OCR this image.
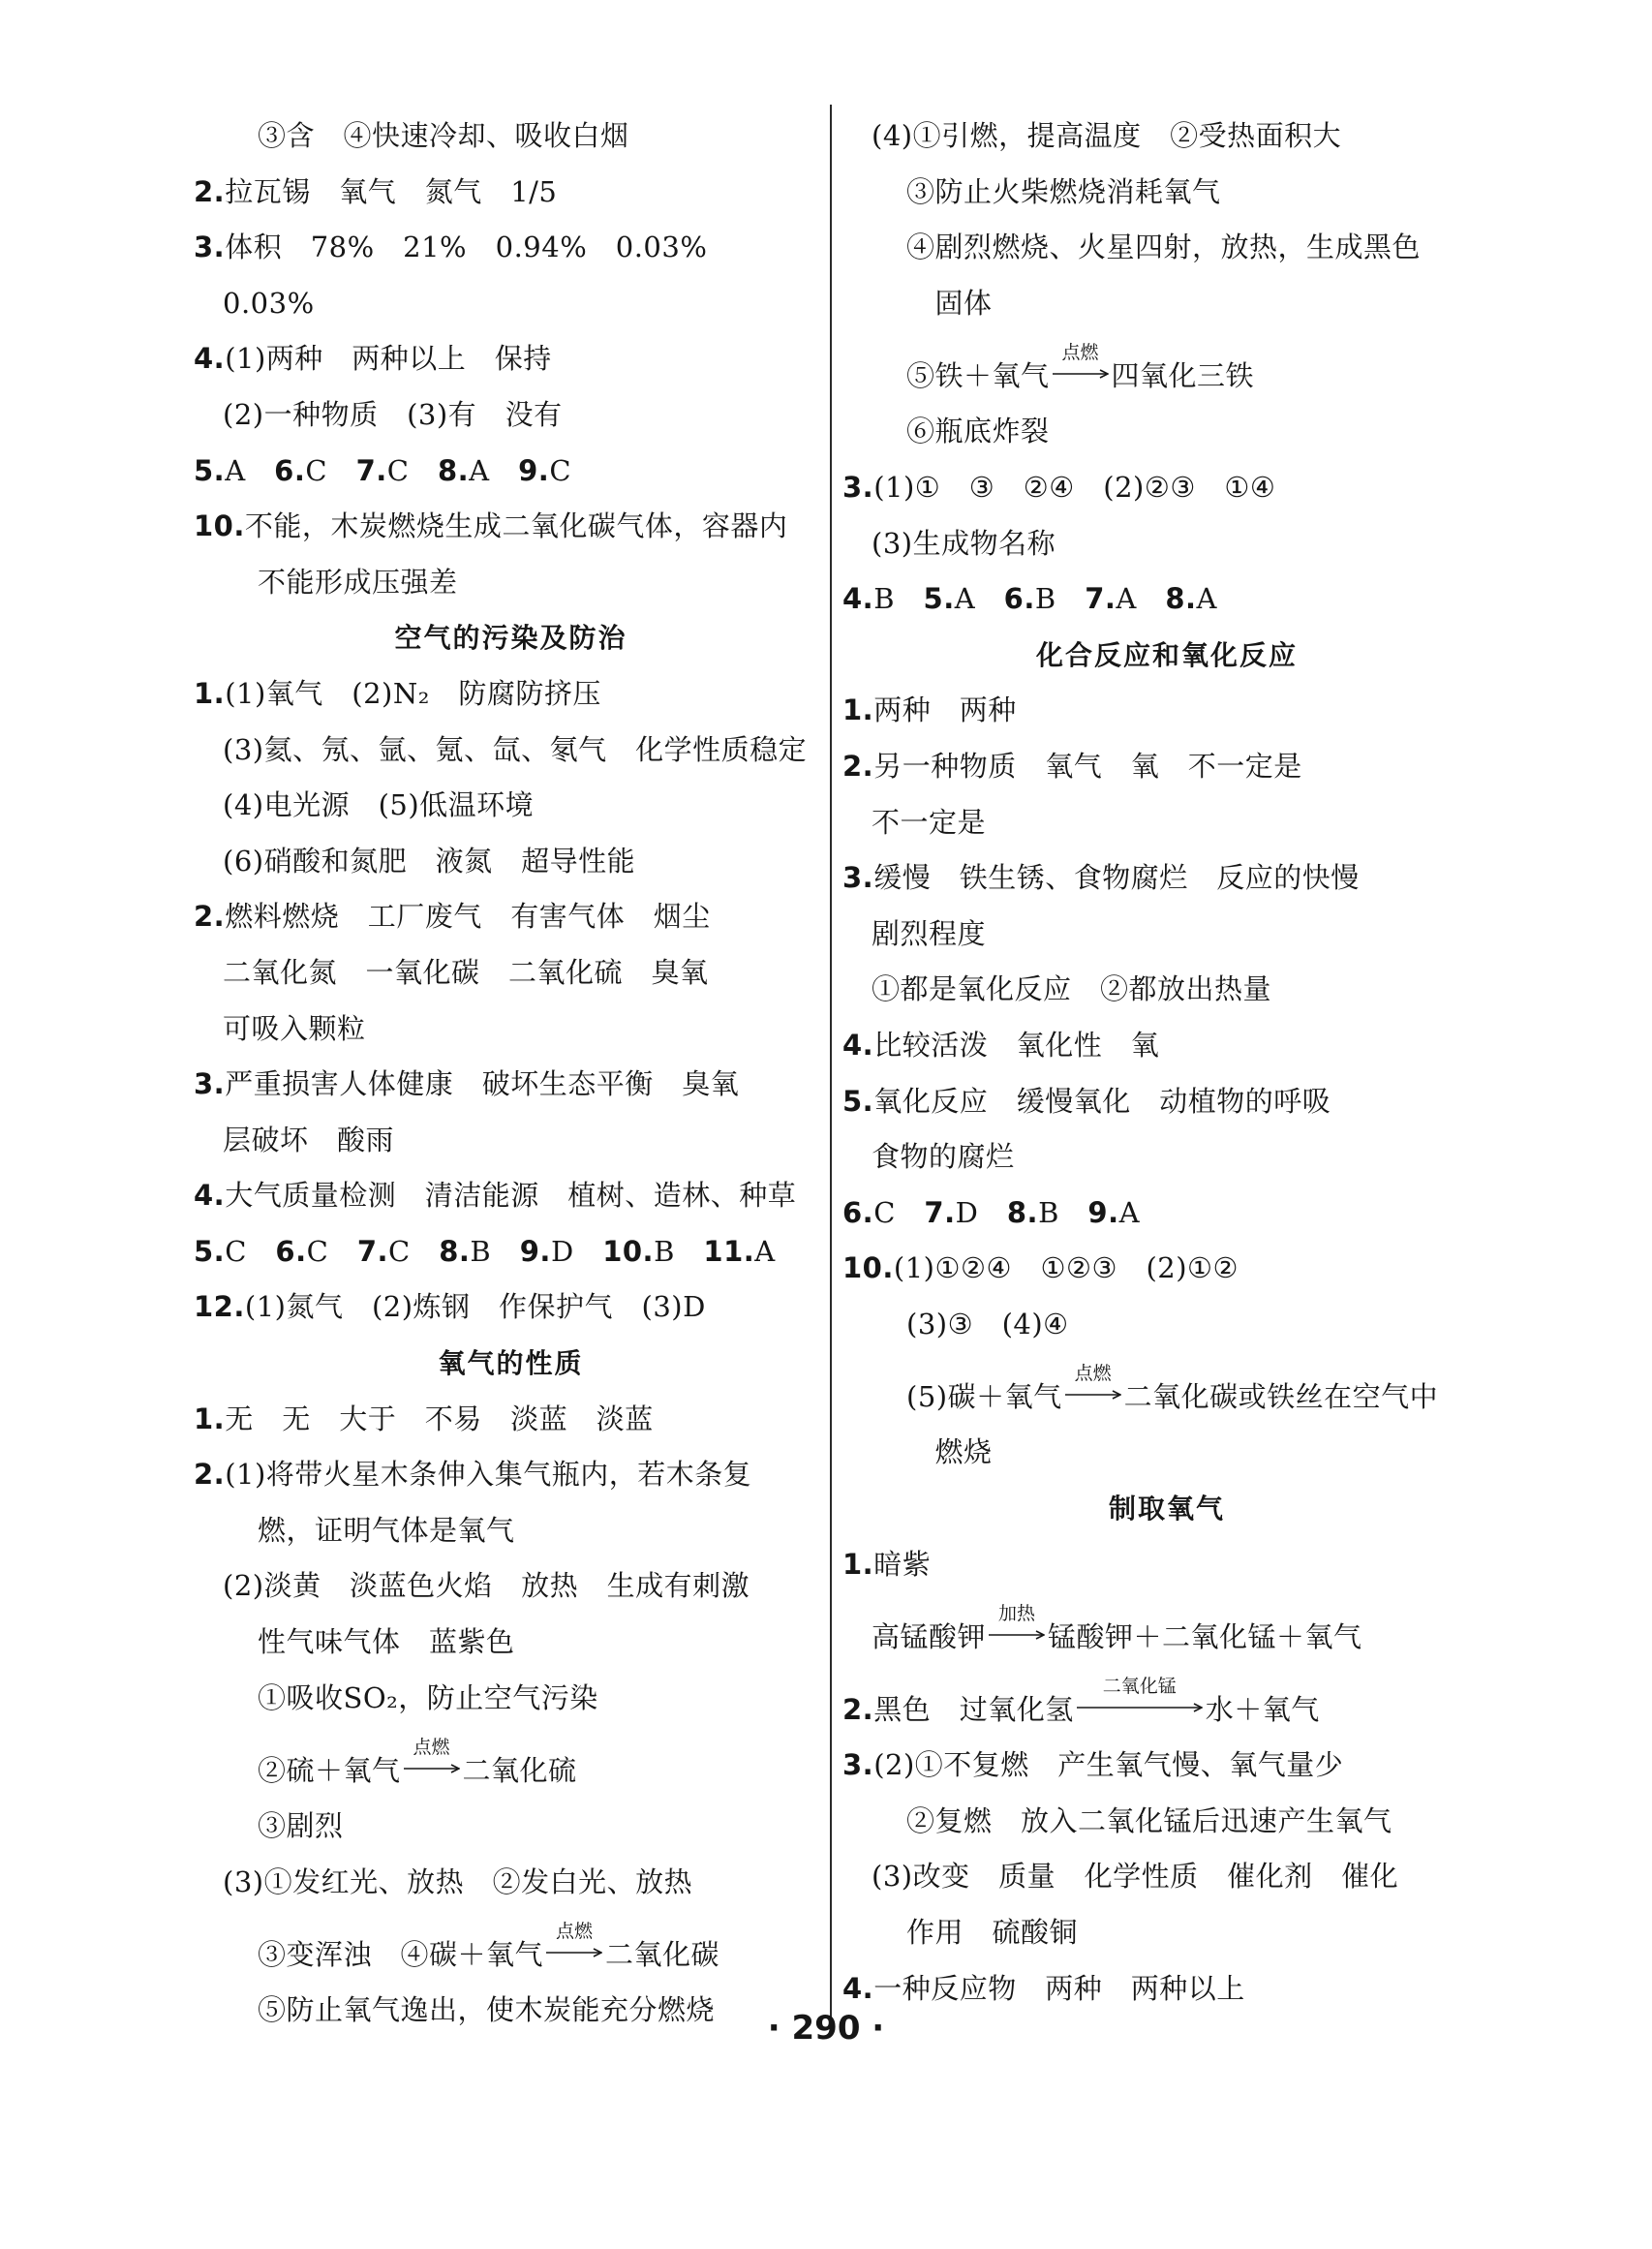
③含　④快速冷却、吸收白烟
2.拉瓦锡　氧气　氮气　1/5
3.体积　78%　21%　0.94%　0.03%
0.03%
4.(1)两种　两种以上　保持
(2)一种物质　(3)有　没有
5.A　6.C　7.C　8.A　9.C
10.不能，木炭燃烧生成二氧化碳气体，容器内
不能形成压强差
空气的污染及防治
1.(1)氧气　(2)N₂　防腐防挤压
(3)氦、氖、氩、氪、氙、氡气　化学性质稳定
(4)电光源　(5)低温环境
(6)硝酸和氮肥　液氮　超导性能
2.燃料燃烧　工厂废气　有害气体　烟尘
二氧化氮　一氧化碳　二氧化硫　臭氧
可吸入颗粒
3.严重损害人体健康　破坏生态平衡　臭氧
层破坏　酸雨
4.大气质量检测　清洁能源　植树、造林、种草
5.C　6.C　7.C　8.B　9.D　10.B　11.A
12.(1)氮气　(2)炼钢　作保护气　(3)D
氧气的性质
1.无　无　大于　不易　淡蓝　淡蓝
2.(1)将带火星木条伸入集气瓶内，若木条复
燃，证明气体是氧气
(2)淡黄　淡蓝色火焰　放热　生成有刺激
性气味气体　蓝紫色
①吸收SO₂，防止空气污染
②硫＋氧气
点燃
二氧化硫
③剧烈
(3)①发红光、放热　②发白光、放热
③变浑浊　④碳＋氧气
点燃
二氧化碳
⑤防止氧气逸出，使木炭能充分燃烧
(4)①引燃，提高温度　②受热面积大
③防止火柴燃烧消耗氧气
④剧烈燃烧、火星四射，放热，生成黑色
　固体
⑤铁＋氧气
点燃
四氧化三铁
⑥瓶底炸裂
3.(1)①　③　②④　(2)②③　①④
(3)生成物名称
4.B　5.A　6.B　7.A　8.A
化合反应和氧化反应
1.两种　两种
2.另一种物质　氧气　氧　不一定是
不一定是
3.缓慢　铁生锈、食物腐烂　反应的快慢
剧烈程度
①都是氧化反应　②都放出热量
4.比较活泼　氧化性　氧
5.氧化反应　缓慢氧化　动植物的呼吸
食物的腐烂
6.C　7.D　8.B　9.A
10.(1)①②④　①②③　(2)①②
(3)③　(4)④
(5)碳＋氧气
点燃
二氧化碳或铁丝在空气中
　燃烧
制取氧气
1.暗紫
高锰酸钾
加热
锰酸钾＋二氧化锰＋氧气
2.黑色　过氧化氢
二氧化锰
水＋氧气
3.(2)①不复燃　产生氧气慢、氧气量少
②复燃　放入二氧化锰后迅速产生氧气
(3)改变　质量　化学性质　催化剂　催化
作用　硫酸铜
4.一种反应物　两种　两种以上
· 290 ·
